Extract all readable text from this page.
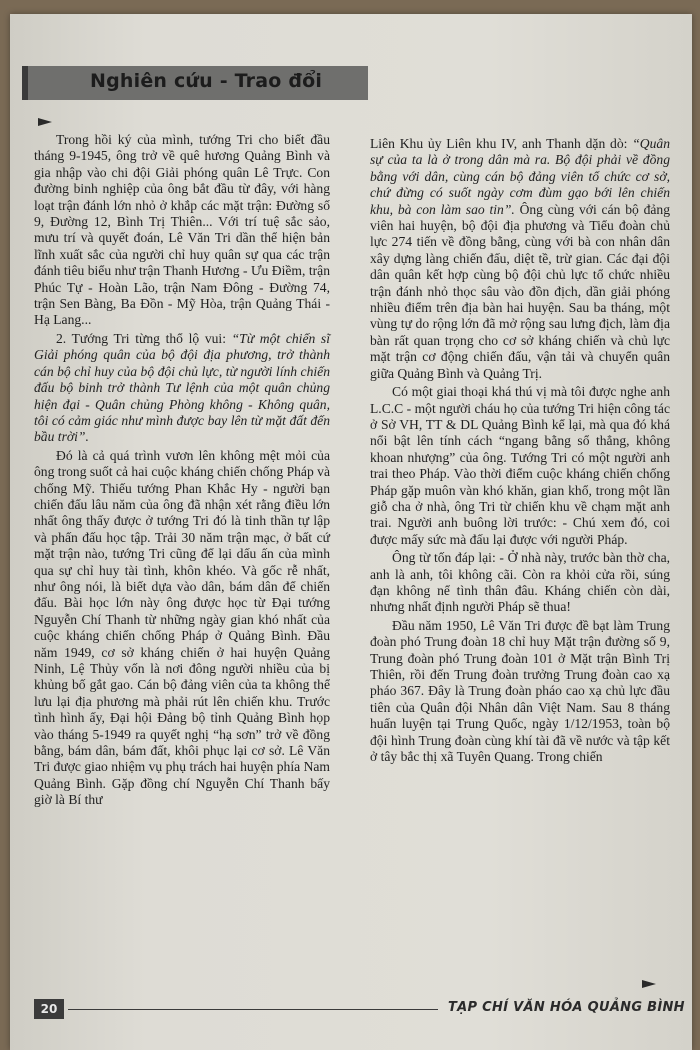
Nghiên cứu - Trao đổi

Trong hồi ký của mình, tướng Tri cho biết đầu tháng 9-1945, ông trở về quê hương Quảng Bình và gia nhập vào chi đội Giải phóng quân Lê Trực. Con đường binh nghiệp của ông bắt đầu từ đây, với hàng loạt trận đánh lớn nhỏ ở khắp các mặt trận: Đường số 9, Đường 12, Bình Trị Thiên... Với trí tuệ sắc sảo, mưu trí và quyết đoán, Lê Văn Tri dần thể hiện bản lĩnh xuất sắc của người chỉ huy quân sự qua các trận đánh tiêu biểu như trận Thanh Hương - Ưu Điềm, trận Phúc Tự - Hoàn Lão, trận Nam Đông - Đường 74, trận Sen Bàng, Ba Đồn - Mỹ Hòa, trận Quảng Thái - Hạ Lang...

2. Tướng Tri từng thổ lộ vui: “Từ một chiến sĩ Giải phóng quân của bộ đội địa phương, trở thành cán bộ chỉ huy của bộ đội chủ lực, từ người lính chiến đấu bộ binh trở thành Tư lệnh của một quân chủng hiện đại - Quân chủng Phòng không - Không quân, tôi có cảm giác như mình được bay lên từ mặt đất đến bầu trời”.

Đó là cả quá trình vươn lên không mệt mỏi của ông trong suốt cả hai cuộc kháng chiến chống Pháp và chống Mỹ. Thiếu tướng Phan Khắc Hy - người bạn chiến đấu lâu năm của ông đã nhận xét rằng điều lớn nhất ông thấy được ở tướng Tri đó là tinh thần tự lập và phấn đấu học tập. Trải 30 năm trận mạc, ở bất cứ mặt trận nào, tướng Tri cũng để lại dấu ấn của mình qua sự chỉ huy tài tình, khôn khéo. Và gốc rễ nhất, như ông nói, là biết dựa vào dân, bám dân để chiến đấu. Bài học lớn này ông được học từ Đại tướng Nguyễn Chí Thanh từ những ngày gian khó nhất của cuộc kháng chiến chống Pháp ở Quảng Bình. Đầu năm 1949, cơ sở kháng chiến ở hai huyện Quảng Ninh, Lệ Thủy vốn là nơi đông người nhiều của bị khủng bố gắt gao. Cán bộ đảng viên của ta không thể lưu lại địa phương mà phải rút lên chiến khu. Trước tình hình ấy, Đại hội Đảng bộ tỉnh Quảng Bình họp vào tháng 5-1949 ra quyết nghị “hạ sơn” trở về đồng bằng, bám dân, bám đất, khôi phục lại cơ sở. Lê Văn Tri được giao nhiệm vụ phụ trách hai huyện phía Nam Quảng Bình. Gặp đồng chí Nguyễn Chí Thanh bấy giờ là Bí thư

Liên Khu ủy Liên khu IV, anh Thanh dặn dò: “Quân sự của ta là ở trong dân mà ra. Bộ đội phải về đồng bằng với dân, cùng cán bộ đảng viên tổ chức cơ sở, chứ đừng có suốt ngày cơm đùm gạo bới lên chiến khu, bà con làm sao tin”. Ông cùng với cán bộ đảng viên hai huyện, bộ đội địa phương và Tiểu đoàn chủ lực 274 tiến về đồng bằng, cùng với bà con nhân dân xây dựng làng chiến đấu, diệt tề, trừ gian. Các đại đội dân quân kết hợp cùng bộ đội chủ lực tổ chức nhiều trận đánh nhỏ thọc sâu vào đồn địch, dần giải phóng nhiều điểm trên địa bàn hai huyện. Sau ba tháng, một vùng tự do rộng lớn đã mở rộng sau lưng địch, làm địa bàn rất quan trọng cho cơ sở kháng chiến và chủ lực mặt trận cơ động chiến đấu, vận tải và chuyển quân giữa Quảng Bình và Quảng Trị.

Có một giai thoại khá thú vị mà tôi được nghe anh L.C.C - một người cháu họ của tướng Tri hiện công tác ở Sở VH, TT & DL Quảng Bình kể lại, mà qua đó khá nổi bật lên tính cách “ngang bằng sổ thẳng, không khoan nhượng” của ông. Tướng Tri có một người anh trai theo Pháp. Vào thời điểm cuộc kháng chiến chống Pháp gặp muôn vàn khó khăn, gian khổ, trong một lần giỗ cha ở nhà, ông Tri từ chiến khu về chạm mặt anh trai. Người anh buông lời trước: - Chú xem đó, coi được mấy sức mà đấu lại được với người Pháp.

Ông từ tốn đáp lại: - Ở nhà này, trước bàn thờ cha, anh là anh, tôi không cãi. Còn ra khỏi cửa rồi, súng đạn không nể tình thân đâu. Kháng chiến còn dài, nhưng nhất định người Pháp sẽ thua!

Đầu năm 1950, Lê Văn Tri được đề bạt làm Trung đoàn phó Trung đoàn 18 chỉ huy Mặt trận đường số 9, Trung đoàn phó Trung đoàn 101 ở Mặt trận Bình Trị Thiên, rồi đến Trung đoàn trưởng Trung đoàn cao xạ pháo 367. Đây là Trung đoàn pháo cao xạ chủ lực đầu tiên của Quân đội Nhân dân Việt Nam. Sau 8 tháng huấn luyện tại Trung Quốc, ngày 1/12/1953, toàn bộ đội hình Trung đoàn cùng khí tài đã về nước và tập kết ở tây bắc thị xã Tuyên Quang. Trong chiến

20	TẠP CHÍ VĂN HÓA QUẢNG BÌNH
